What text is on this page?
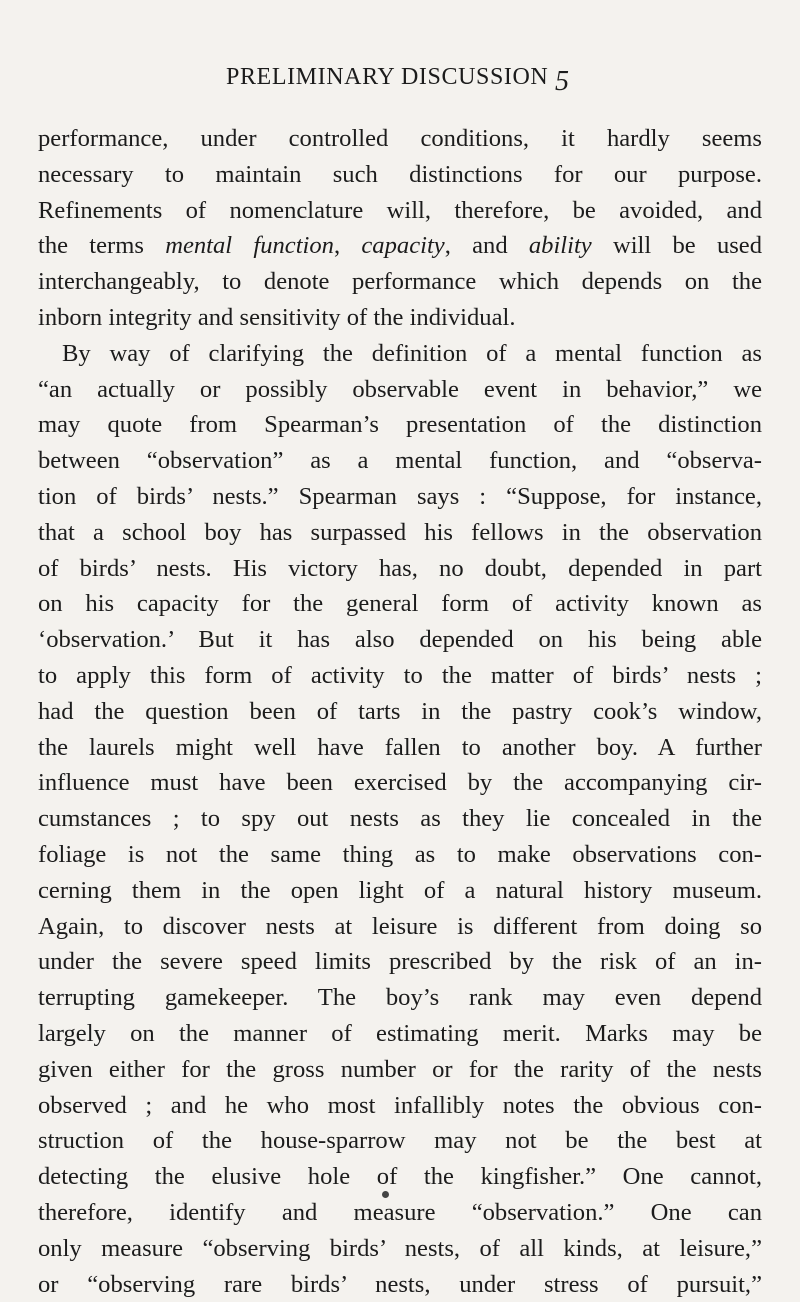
PRELIMINARY DISCUSSION 5
performance, under controlled conditions, it hardly seems
necessary to maintain such distinctions for our purpose.
Refinements of nomenclature will, therefore, be avoided, and
the terms mental function, capacity, and ability will be used
interchangeably, to denote performance which depends on the
inborn integrity and sensitivity of the individual.
By way of clarifying the definition of a mental function as
“an actually or possibly observable event in behavior,” we
may quote from Spearman’s presentation of the distinction
between “observation” as a mental function, and “observa-
tion of birds’ nests.” Spearman says : “Suppose, for instance,
that a school boy has surpassed his fellows in the observation
of birds’ nests. His victory has, no doubt, depended in part
on his capacity for the general form of activity known as
‘observation.’ But it has also depended on his being able
to apply this form of activity to the matter of birds’ nests ;
had the question been of tarts in the pastry cook’s window,
the laurels might well have fallen to another boy. A further
influence must have been exercised by the accompanying cir-
cumstances ; to spy out nests as they lie concealed in the
foliage is not the same thing as to make observations con-
cerning them in the open light of a natural history museum.
Again, to discover nests at leisure is different from doing so
under the severe speed limits prescribed by the risk of an in-
terrupting gamekeeper. The boy’s rank may even depend
largely on the manner of estimating merit. Marks may be
given either for the gross number or for the rarity of the nests
observed ; and he who most infallibly notes the obvious con-
struction of the house-sparrow may not be the best at
detecting the elusive hole of the kingfisher.” One cannot,
therefore, identify and measure “observation.” One can
only measure “observing birds’ nests, of all kinds, at leisure,”
or “observing rare birds’ nests, under stress of pursuit,”
